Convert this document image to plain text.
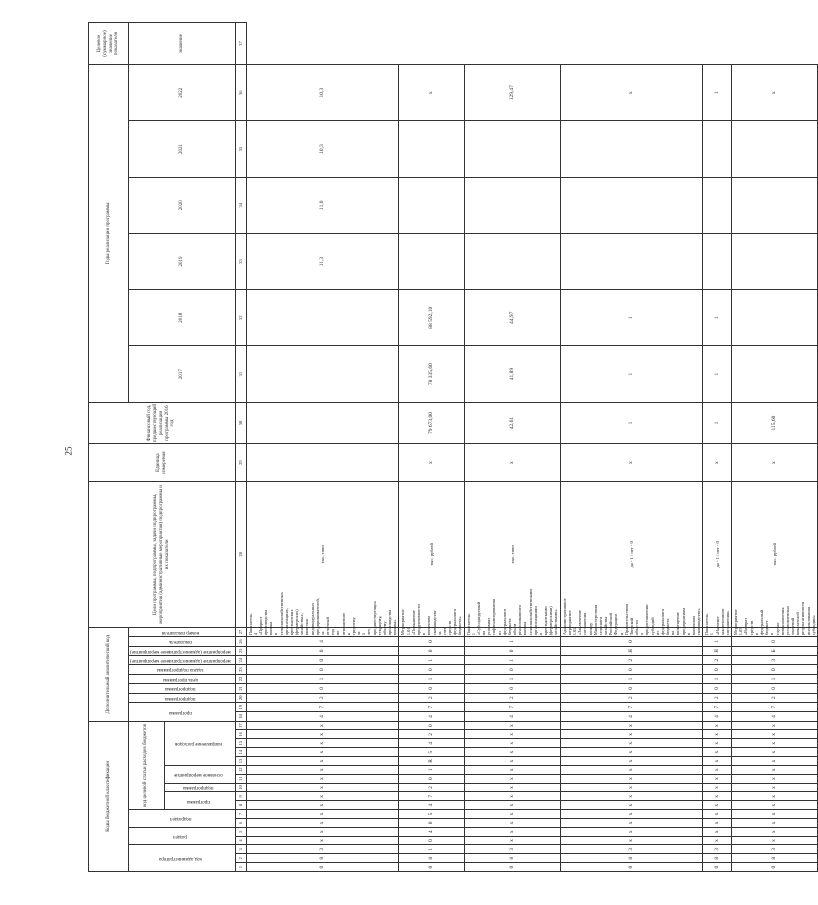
25
Коды бюджетной классификации																	Дополнительный аналитический код										Цели программы, подпрограммы, задачи подпрограммы, мероприятия (административные мероприятия) подпрограммы и их показатели	Единица измерения	Финансовый год, предшествующий реализации программы 2016 год	Годы реализации программы						Целевое (суммарное) значение показателя
код администратора			раздел		подраздел		код целевой статьи расходов бюджетов										программа		подпрограмма	подпрограмма	цель программы	задача подпрограммы	мероприятие (административное мероприятие)	мероприятие (административное мероприятие)	показатель	номер показателя				2017	2018	2019	2020	2021	2022	значение
							программа		подпрограмма	основное мероприятие		направление расходов																								
1	2	3	4	5	6	7	8	9	10	11	12	13	14	15	16	17	18	19	20	21	22	23	24	25	26	27	28	29	30	31	32	33	34	35	36	37
0	8	3	x	x	x	x	x	x	x	x	x	x	x	x	x	x	4	7	2	0	1	0	0	0	4	Показатель 4 «Прирост производства молока в сельскохозяйственных организациях, крестьянских (фермерских) хозяйствах, включая индивидуальных предпринимателей, за отчетный год по отношению к среднему за 5 лет, предшествующих текущему, объему производства молока»	тыс. тонн					11,3	11,0	10,3	10,3	
0	8	1	0	4	0	5	4	7	2	0	1	R	5	4	2	0	4	7	2	0	1	0	1	0	0	Мероприятие 1.01 «Повышение продуктивности в молочном скотоводстве за счет средств федерального бюджета»	тыс. рублей	x	79 673,00	78 335,60	88 592,10				x	
0	8	3	x	x	x	x	x	x	x	x	x	x	x	x	x	x	4	7	2	0	1	0	1	0	1	Показатель 1 «Субсидируемый на условиях софинансирования из федерального бюджета объем реализованного молока сельскохозяйственными организациями и крестьянскими (фермерскими) хозяйствами»	тыс. тонн	x	42,61	41,89	44,97				129,47	
0	8	3	x	x	x	x	x	x	x	x	x	x	x	x	x	x	4	7	2	0	1	0	2	Я	0	Административное мероприятие 1.02 «Заключение соглашения между Министерством сельского хозяйства Российской Федерации и Правительством Тверской области о предоставлении субсидий из федерального бюджета на возмещение предприятиям в молочном скотоводстве»	да - 1 / нет - 0	x	1	1	1				x	
0	8	3	x	x	x	x	x	x	x	x	x	x	x	x	x	x	4	7	2	0	1	0	2	Я	1	Показатель 1 «Наличие заключенного соглашения»	да - 1 / нет - 0	x	1	1	1				1	
0	8	3	x	x	x	x	x	x	x	x	x	x	x	x	x	x	4	7	2	0	1	0	3	Б	0	Мероприятие 1.03 «Возврат средств в федеральный бюджет в случае невыполнения установленных значений показателей результативности использования субсидии»	тыс. рублей	x	115,60						x	
